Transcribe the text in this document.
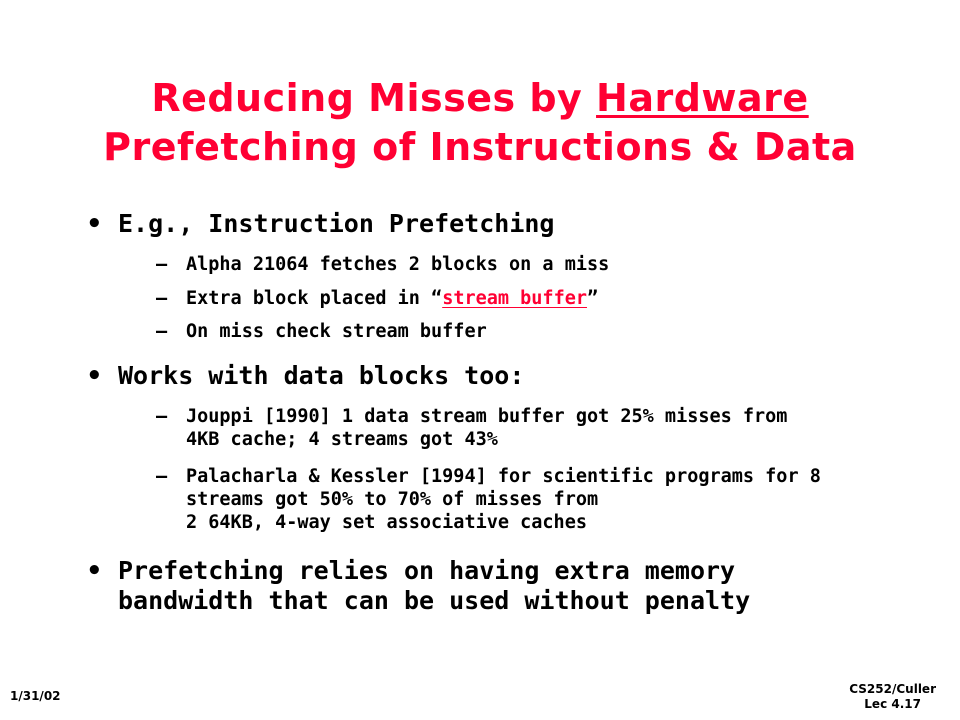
Reducing Misses by Hardware
Prefetching of Instructions & Data
• E.g., Instruction Prefetching
– Alpha 21064 fetches 2 blocks on a miss
– Extra block placed in “stream buffer”
– On miss check stream buffer
• Works with data blocks too:
– Jouppi [1990] 1 data stream buffer got 25% misses from
4KB cache; 4 streams got 43%
– Palacharla & Kessler [1994] for scientific programs for 8
streams got 50% to 70% of misses from
2 64KB, 4-way set associative caches
• Prefetching relies on having extra memory
bandwidth that can be used without penalty
1/31/02	CS252/Culler
Lec 4.17
